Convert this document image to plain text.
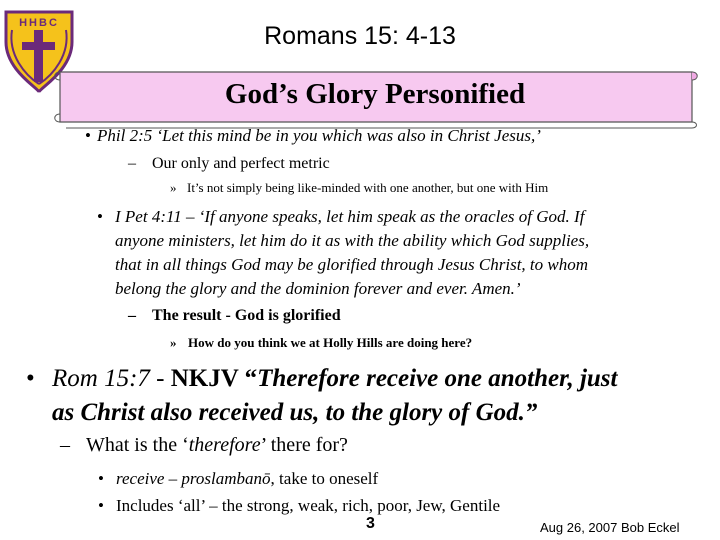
HHBC	Romans 15: 4-13
God’s Glory Personified
• Phil 2:5 ‘Let this mind be in you which was also in Christ Jesus,’
– Our only and perfect metric
» It’s not simply being like-minded with one another, but one with Him
• I Pet 4:11 – ‘If anyone speaks, let him speak as the oracles of God. If
anyone ministers, let him do it as with the ability which God supplies,
that in all things God may be glorified through Jesus Christ, to whom
belong the glory and the dominion forever and ever. Amen.’
– The result - God is glorified
» How do you think we at Holly Hills are doing here?
• Rom 15:7 - NKJV “Therefore receive one another, just
as Christ also received us, to the glory of God.”
– What is the ‘therefore’ there for?
• receive – proslambanō, take to oneself
• Includes ‘all’ – the strong, weak, rich, poor, Jew, Gentile
3	Aug 26, 2007 Bob Eckel
